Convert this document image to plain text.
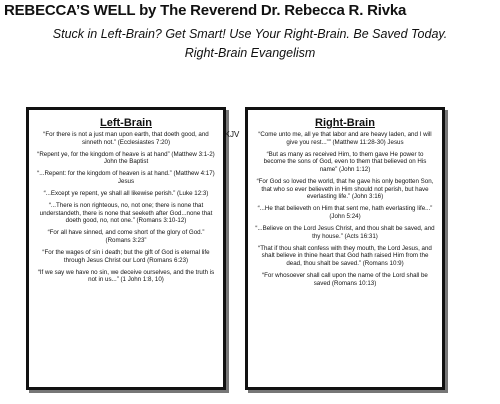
REBECCA’S WELL by The Reverend Dr. Rebecca R. Rivka
Stuck in Left-Brain? Get Smart! Use Your Right-Brain. Be Saved Today.
Right-Brain Evangelism
Left-Brain

“For there is not a just man upon earth, that doeth good, and sinneth not.” (Ecclesiastes 7:20)

“Repent ye, for the kingdom of heave is at hand” (Matthew 3:1-2) John the Baptist

“...Repent: for the kingdom of heaven is at hand.” (Matthew 4:17) Jesus

“...Except ye repent, ye shall all likewise perish.” (Luke 12:3)

“...There is non righteous, no, not one; there is none that understandeth, there is none that seeketh after God...none that doeth good, no, not one.” (Romans 3:10-12)

“For all have sinned, and come short of the glory of God.” (Romans 3:23”

“For the wages of sin i death; but the gift of God is eternal life through Jesus Christ our Lord (Romans 6:23)

“If we say we have no sin, we deceive ourselves, and the truth is not in us...” (1 John 1:8, 10)

KJV
Right-Brain

“Come unto me, all ye that labor and are heavy laden, and I will give you rest...”” (Matthew 11:28-30) Jesus

“But as many as received Him, to them gave He power to become the sons of God, even to them that believed on His name” (John 1:12)

“For God so loved the world, that he gave his only begotten Son, that who so ever believeth in Him should not perish, but have everlasting life.” (John 3:16)

“...He that believeth on Him that sent me, hath everlasting life...” (John 5:24)

“...Believe on the Lord Jesus Christ, and thou shalt be saved, and thy house.” (Acts 16:31)

“That if thou shalt confess with they mouth, the Lord Jesus, and shalt believe in thine heart that God hath raised Him from the dead, thou shalt be saved.” (Romans 10:9)

“For whosoever shall call upon the name of the Lord shall be saved (Romans 10:13)
